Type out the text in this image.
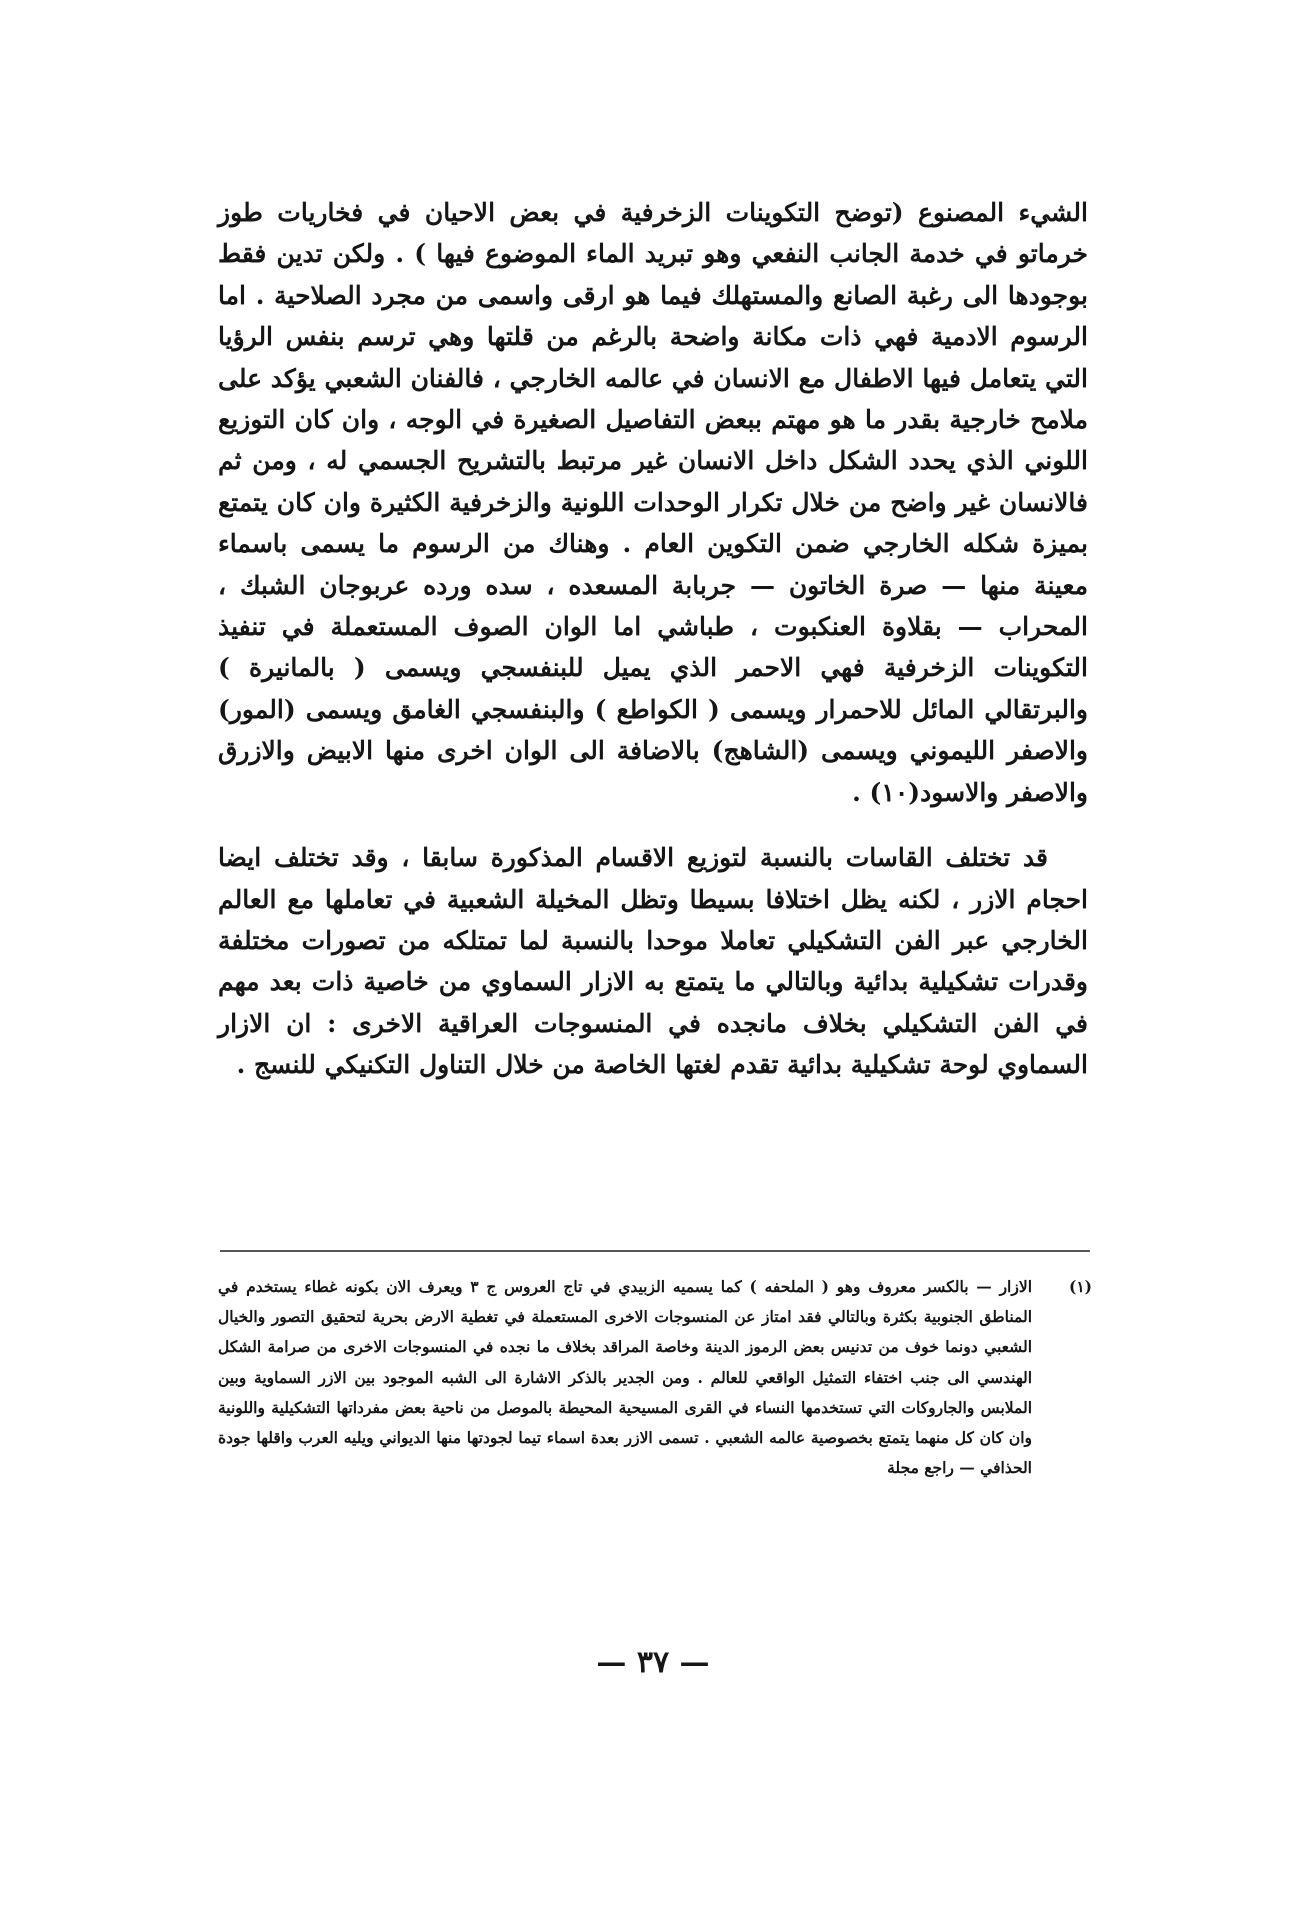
الشيء المصنوع (توضح التكوينات الزخرفية في بعض الاحيان في فخاريات طوز خرماتو في خدمة الجانب النفعي وهو تبريد الماء الموضوع فيها ) . ولكن تدين فقط بوجودها الى رغبة الصانع والمستهلك فيما هو ارقى واسمى من مجرد الصلاحية . اما الرسوم الادمية فهي ذات مكانة واضحة بالرغم من قلتها وهي ترسم بنفس الرؤيا التي يتعامل فيها الاطفال مع الانسان في عالمه الخارجي ، فالفنان الشعبي يؤكد على ملامح خارجية بقدر ما هو مهتم ببعض التفاصيل الصغيرة في الوجه ، وان كان التوزيع اللوني الذي يحدد الشكل داخل الانسان غير مرتبط بالتشريح الجسمي له ، ومن ثم فالانسان غير واضح من خلال تكرار الوحدات اللونية والزخرفية الكثيرة وان كان يتمتع بميزة شكله الخارجي ضمن التكوين العام . وهناك من الرسوم ما يسمى باسماء معينة منها — صرة الخاتون — جربابة المسعده ، سده ورده عربوجان الشبك ، المحراب — بقلاوة العنكبوت ، طباشي اما الوان الصوف المستعملة في تنفيذ التكوينات الزخرفية فهي الاحمر الذي يميل للبنفسجي ويسمى ( بالمانيرة ) والبرتقالي المائل للاحمرار ويسمى ( الكواطع ) والبنفسجي الغامق ويسمى (المور) والاصفر الليموني ويسمى (الشاهج) بالاضافة الى الوان اخرى منها الابيض والازرق والاصفر والاسود(١٠) .

قد تختلف القاسات بالنسبة لتوزيع الاقسام المذكورة سابقا ، وقد تختلف ايضا احجام الازر ، لكنه يظل اختلافا بسيطا وتظل المخيلة الشعبية في تعاملها مع العالم الخارجي عبر الفن التشكيلي تعاملا موحدا بالنسبة لما تمتلكه من تصورات مختلفة وقدرات تشكيلية بدائية وبالتالي ما يتمتع به الازار السماوي من خاصية ذات بعد مهم في الفن التشكيلي بخلاف مانجده في المنسوجات العراقية الاخرى : ان الازار السماوي لوحة تشكيلية بدائية تقدم لغتها الخاصة من خلال التناول التكنيكي للنسج .

(١)
الازار — بالكسر معروف وهو ( الملحفه ) كما يسميه الزبيدي في تاج العروس ج ٣ ويعرف الان بكونه غطاء يستخدم في المناطق الجنوبية بكثرة وبالتالي فقد امتاز عن المنسوجات الاخرى المستعملة في تغطية الارض بحرية لتحقيق التصور والخيال الشعبي دونما خوف من تدنيس بعض الرموز الدينة وخاصة المراقد بخلاف ما نجده في المنسوجات الاخرى من صرامة الشكل الهندسي الى جنب اختفاء التمثيل الواقعي للعالم . ومن الجدير بالذكر الاشارة الى الشبه الموجود بين الازر السماوية وبين الملابس والجاروكات التي تستخدمها النساء في القرى المسيحية المحيطة بالموصل من ناحية بعض مفرداتها التشكيلية واللونية وان كان كل منهما يتمتع بخصوصية عالمه الشعبي . تسمى الازر بعدة اسماء تيما لجودتها منها الديواني ويليه العرب واقلها جودة الحذافي — راجع مجلة
— ٣٧ —
